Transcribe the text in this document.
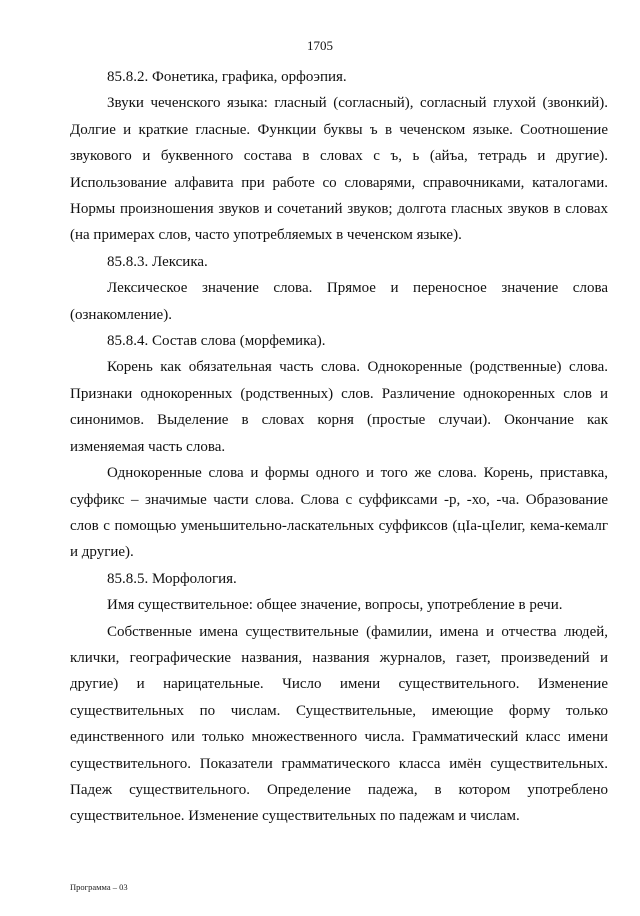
1705

85.8.2. Фонетика, графика, орфоэпия.

Звуки чеченского языка: гласный (согласный), согласный глухой (звонкий). Долгие и краткие гласные. Функции буквы ъ в чеченском языке. Соотношение звукового и буквенного состава в словах с ъ, ь (айъа, тетрадь и другие). Использование алфавита при работе со словарями, справочниками, каталогами. Нормы произношения звуков и сочетаний звуков; долгота гласных звуков в словах (на примерах слов, часто употребляемых в чеченском языке).

85.8.3. Лексика.

Лексическое значение слова. Прямое и переносное значение слова (ознакомление).

85.8.4. Состав слова (морфемика).

Корень как обязательная часть слова. Однокоренные (родственные) слова. Признаки однокоренных (родственных) слов. Различение однокоренных слов и синонимов. Выделение в словах корня (простые случаи). Окончание как изменяемая часть слова.

Однокоренные слова и формы одного и того же слова. Корень, приставка, суффикс – значимые части слова. Слова с суффиксами -р, -хо, -ча. Образование слов с помощью уменьшительно-ласкательных суффиксов (цIа-цIелиг, кема-кемалг и другие).

85.8.5. Морфология.

Имя существительное: общее значение, вопросы, употребление в речи.

Собственные имена существительные (фамилии, имена и отчества людей, клички, географические названия, названия журналов, газет, произведений и другие) и нарицательные. Число имени существительного. Изменение существительных по числам. Существительные, имеющие форму только единственного или только множественного числа. Грамматический класс имени существительного. Показатели грамматического класса имён существительных. Падеж существительного. Определение падежа, в котором употреблено существительное. Изменение существительных по падежам и числам.

Программа – 03
